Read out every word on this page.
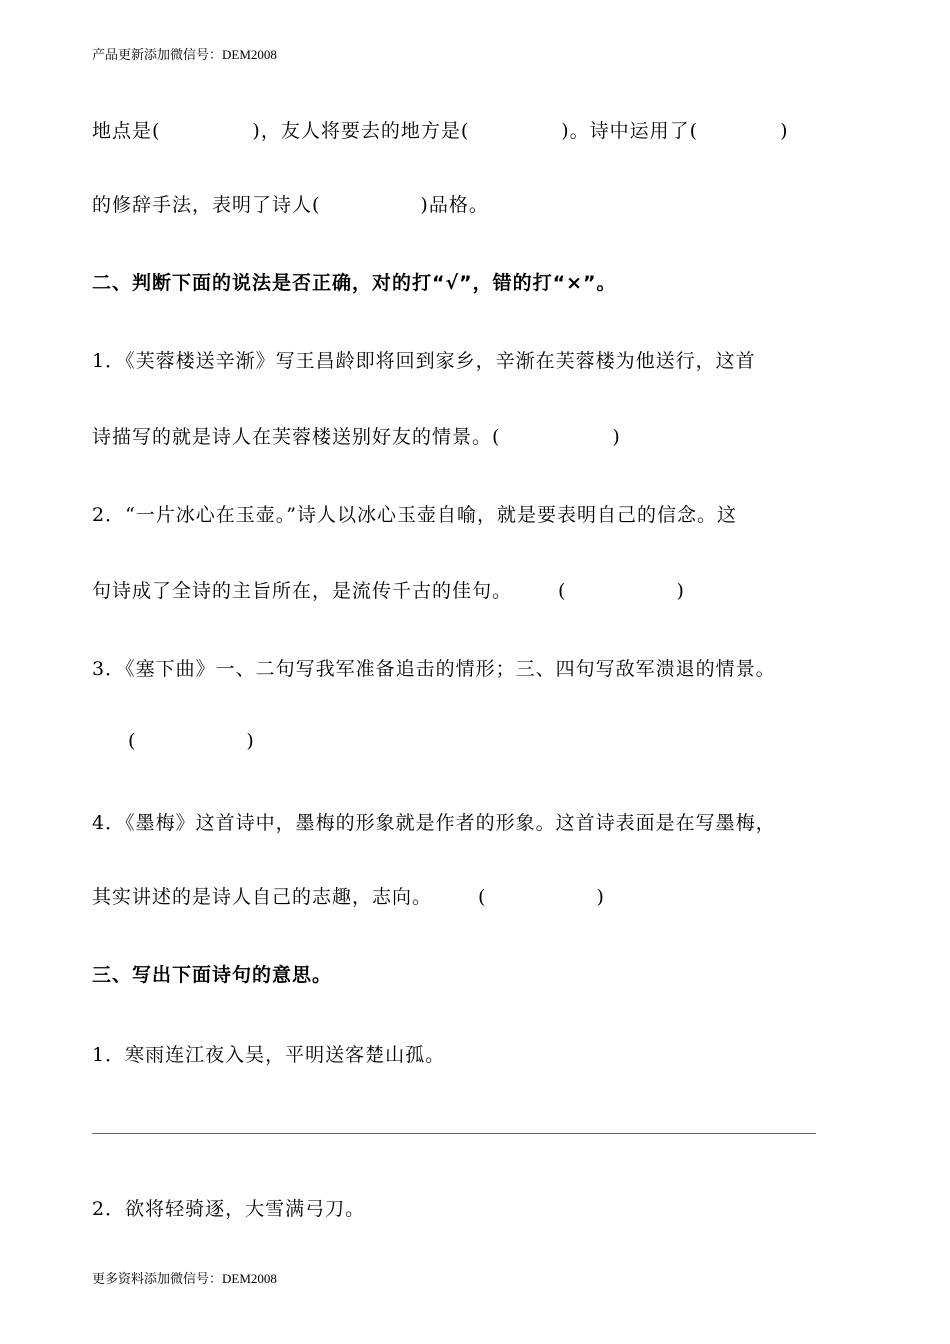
产品更新添加微信号：DEM2008
地点是(	)，友人将要去的地方是(	)。诗中运用了(	)
的修辞手法，表明了诗人(	)品格。
二、判断下面的说法是否正确，对的打“√”，错的打“×”。
1．《芙蓉楼送辛渐》写王昌龄即将回到家乡，辛渐在芙蓉楼为他送行，这首
诗描写的就是诗人在芙蓉楼送别好友的情景。(	)
2．“一片冰心在玉壶。”诗人以冰心玉壶自喻，就是要表明自己的信念。这
句诗成了全诗的主旨所在，是流传千古的佳句。 (	)
3．《塞下曲》一、二句写我军准备追击的情形；三、四句写敌军溃退的情景。
(	)
4．《墨梅》这首诗中，墨梅的形象就是作者的形象。这首诗表面是在写墨梅，
其实讲述的是诗人自己的志趣，志向。 (	)
三、写出下面诗句的意思。
1．寒雨连江夜入吴，平明送客楚山孤。
2．欲将轻骑逐，大雪满弓刀。
更多资料添加微信号：DEM2008
